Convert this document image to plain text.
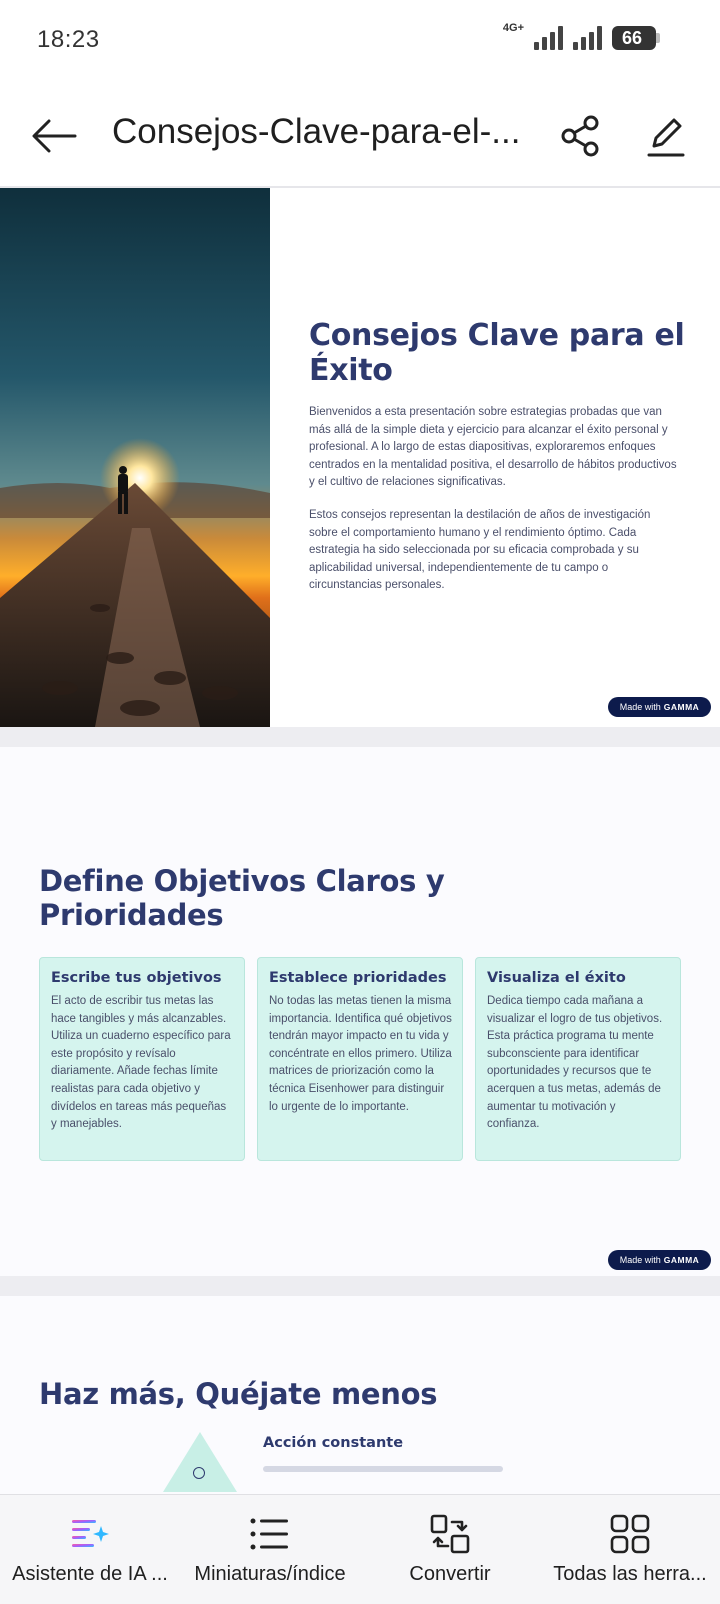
18:23	4G+	66
Consejos-Clave-para-el-...
Consejos Clave para el Éxito

Bienvenidos a esta presentación sobre estrategias probadas que van más allá de la simple dieta y ejercicio para alcanzar el éxito personal y profesional. A lo largo de estas diapositivas, exploraremos enfoques centrados en la mentalidad positiva, el desarrollo de hábitos productivos y el cultivo de relaciones significativas.

Estos consejos representan la destilación de años de investigación sobre el comportamiento humano y el rendimiento óptimo. Cada estrategia ha sido seleccionada por su eficacia comprobada y su aplicabilidad universal, independientemente de tu campo o circunstancias personales.

Made with GAMMA
Define Objetivos Claros y Prioridades
Escribe tus objetivos
El acto de escribir tus metas las hace tangibles y más alcanzables. Utiliza un cuaderno específico para este propósito y revísalo diariamente. Añade fechas límite realistas para cada objetivo y divídelos en tareas más pequeñas y manejables.
Establece prioridades
No todas las metas tienen la misma importancia. Identifica qué objetivos tendrán mayor impacto en tu vida y concéntrate en ellos primero. Utiliza matrices de priorización como la técnica Eisenhower para distinguir lo urgente de lo importante.
Visualiza el éxito
Dedica tiempo cada mañana a visualizar el logro de tus objetivos. Esta práctica programa tu mente subconsciente para identificar oportunidades y recursos que te acerquen a tus metas, además de aumentar tu motivación y confianza.
Made with GAMMA
Haz más, Quéjate menos
Acción constante
Asistente de IA ... Miniaturas/índice	Convertir	Todas las herra...
